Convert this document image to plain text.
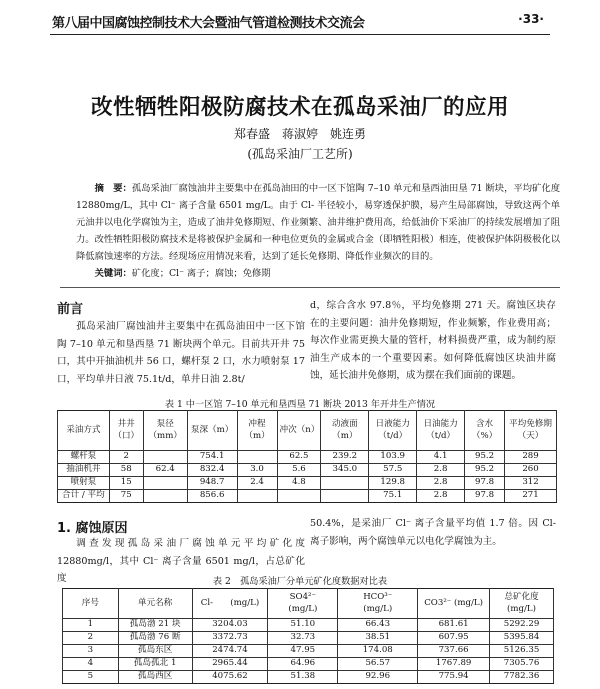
第八届中国腐蚀控制技术大会暨油气管道检测技术交流会	·33·
改性牺牲阳极防腐技术在孤岛采油厂的应用
郑春盛　蒋淑婷　姚连勇
(孤岛采油厂工艺所)
摘　要：孤岛采油厂腐蚀油井主要集中在孤岛油田的中一区下馆陶 7–10 单元和垦西油田垦 71 断块，平均矿化度 12880mg/L，其中 Cl⁻ 离子含量 6501 mg/L。由于 Cl- 半径较小，易穿透保护膜，易产生局部腐蚀，导致这两个单元油井以电化学腐蚀为主，造成了油井免修期短、作业频繁、油井维护费用高，给低油价下采油厂的持续发展增加了阻力。改性牺牲阳极防腐技术是将被保护金属和一种电位更负的金属或合金（即牺牲阳极）相连，使被保护体阴极极化以降低腐蚀速率的方法。经现场应用情况来看，达到了延长免修期、降低作业频次的目的。
关键词：矿化度；Cl⁻ 离子；腐蚀；免修期
前言

孤岛采油厂腐蚀油井主要集中在孤岛油田中一区下馆陶 7–10 单元和垦西垦 71 断块两个单元。目前共开井 75 口，其中开抽油机井 56 口，螺杆泵 2 口，水力喷射泵 17 口，平均单井日液 75.1t/d，单井日油 2.8t/

d，综合含水 97.8％，平均免修期 271 天。腐蚀区块存在的主要问题：油井免修期短，作业频繁，作业费用高；每次作业需更换大量的管杆，材料损费严重，成为制约原油生产成本的一个重要因素。如何降低腐蚀区块油井腐蚀，延长油井免修期，成为摆在我们面前的课题。

表 1 中一区馆 7–10 单元和垦西垦 71 断块 2013 年开井生产情况
采油方式	井井（口）	泵径（mm）	泵深（m）	冲程（m）	冲次（n）	动液面（m）	日液能力（t/d）	日油能力（t/d）	含水（%）	平均免修期（天）
螺杆泵	2		754.1		62.5	239.2	103.9	4.1	95.2	289
抽油机井	58	62.4	832.4	3.0	5.6	345.0	57.5	2.8	95.2	260
喷射泵	15		948.7	2.4	4.8		129.8	2.8	97.8	312
合计 / 平均	75		856.6				75.1	2.8	97.8	271
1. 腐蚀原因

调查发现孤岛采油厂腐蚀单元平均矿化度 12880mg/l，其中 Cl⁻ 离子含量 6501 mg/l，占总矿化度

50.4%，是采油厂 Cl⁻ 离子含量平均值 1.7 倍。因 Cl- 离子影响，两个腐蚀单元以电化学腐蚀为主。

表 2　孤岛采油厂分单元矿化度数据对比表
序号	单元名称	Cl-　　(mg/L)	SO4²⁻　　(mg/L)	HCO³⁻　　(mg/L)	CO3²⁻ (mg/L)	总矿化度 (mg/L)
1	孤岛渤 21 块	3204.03	51.10	66.43	681.61	5292.29
2	孤岛渤 76 断	3372.73	32.73	38.51	607.95	5395.84
3	孤岛东区	2474.74	47.95	174.08	737.66	5126.35
4	孤岛孤北 1	2965.44	64.96	56.57	1767.89	7305.76
5	孤岛西区	4075.62	51.38	92.96	775.94	7782.36
